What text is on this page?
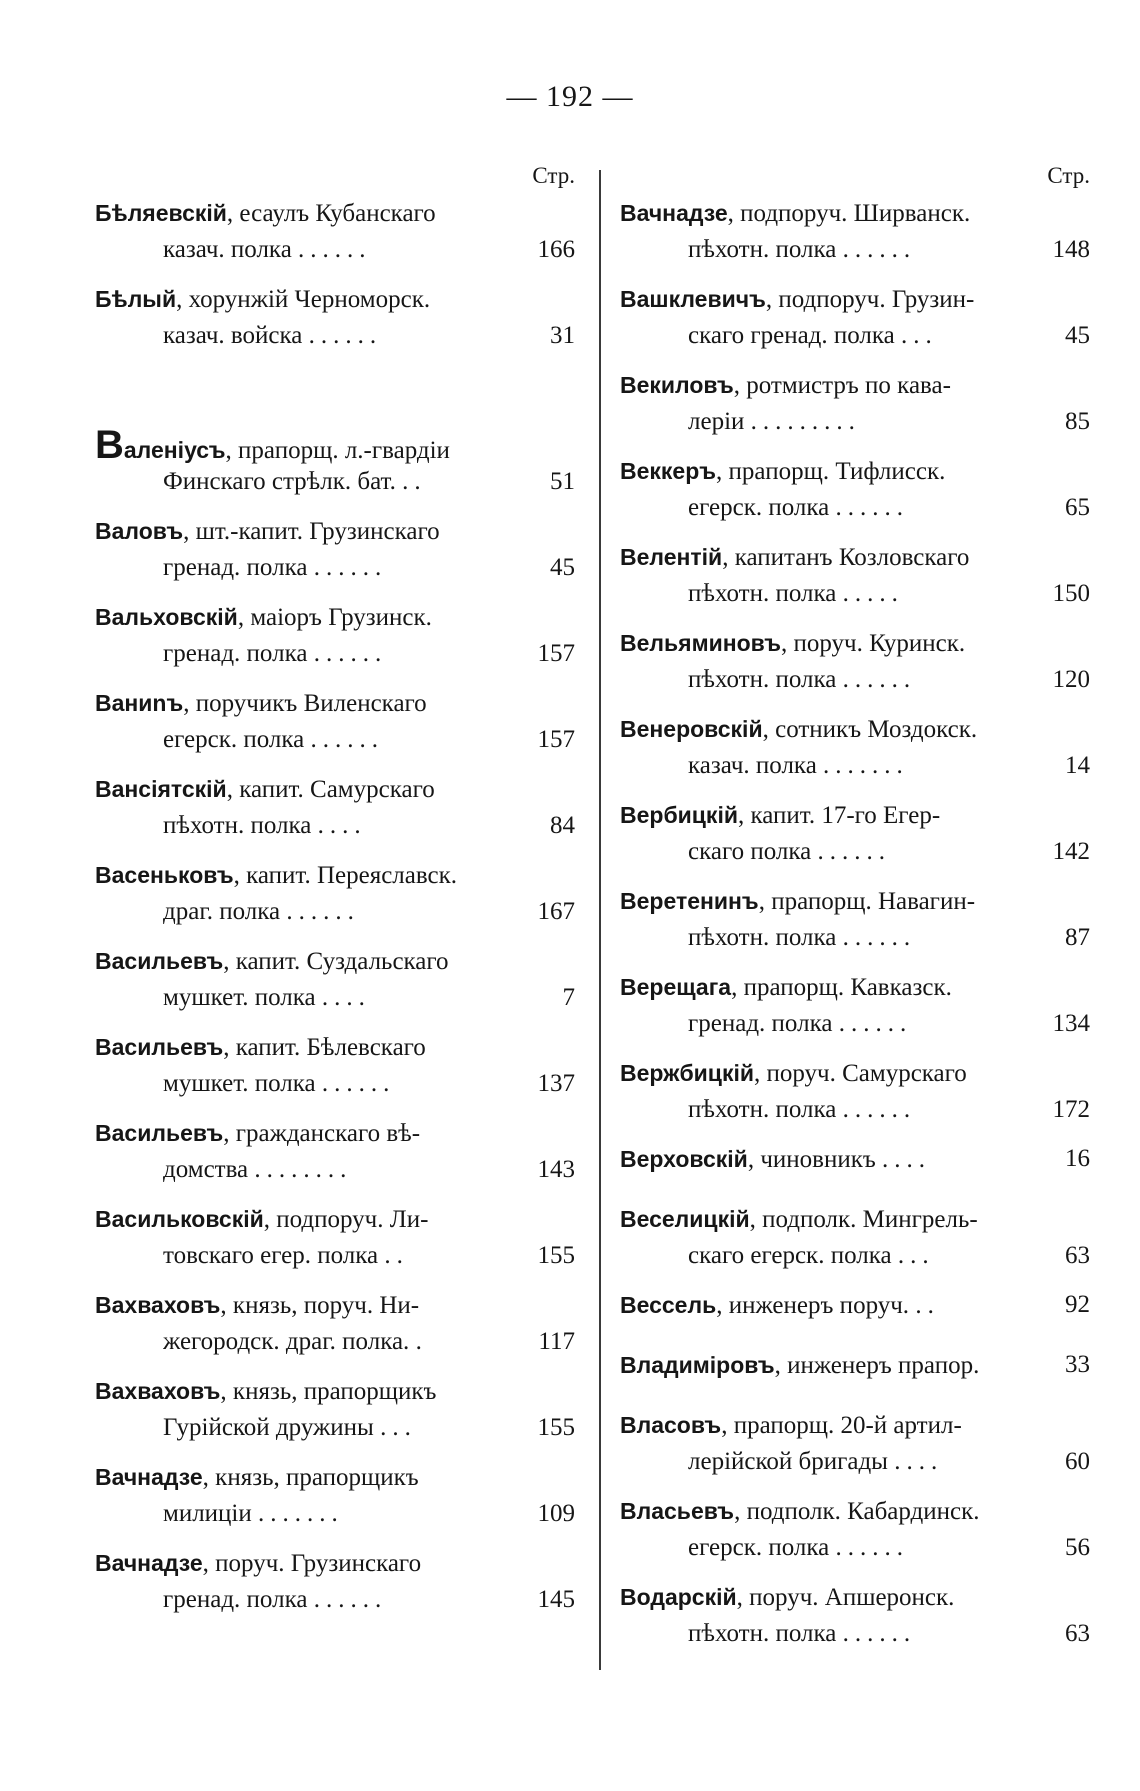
— 192 —
Стр.
Бѣляевскій, есаулъ Кубанскаго
казач. полка ......	166
Бѣлый, хорунжій Черноморск.
казач. войска ......	31
Валеніусъ, прапорщ. л.-гвардіи
Финскаго стрѣлк. бат. ..	51
Валовъ, шт.-капит. Грузинскаго
гренад. полка ......	45
Вальховскій, маіоръ Грузинск.
гренад. полка ......	157
Ваниnъ, поручикъ Виленскаго
егерск. полка ......	157
Вансіятскій, капит. Самурскаго
пѣхотн. полка ....	84
Васеньковъ, капит. Переяславск.
драг. полка ......	167
Васильевъ, капит. Суздальскаго
мушкет. полка ....	7
Васильевъ, капит. Бѣлевскаго
мушкет. полка ......	137
Васильевъ, гражданскаго вѣ-
домства ........	143
Васильковскій, подпоруч. Ли-
товскаго егер. полка ..	155
Вахваховъ, князь, поруч. Ни-
жегородск. драг. полка. .	117
Вахваховъ, князь, прапорщикъ
Гурійской дружины ...	155
Вачнадзе, князь, прапорщикъ
милиціи .......	109
Вачнадзе, поруч. Грузинскаго
гренад. полка ......	145
Стр.
Вачнадзе, подпоруч. Ширванск.
пѣхотн. полка ......	148
Вашклевичъ, подпоруч. Грузин-
скаго гренад. полка ...	45
Векиловъ, ротмистръ по кава-
леріи .........	85
Веккеръ, прапорщ. Тифлисск.
егерск. полка ......	65
Велентій, капитанъ Козловскаго
пѣхотн. полка .....	150
Вельяминовъ, поруч. Куринск.
пѣхотн. полка ......	120
Венеровскій, сотникъ Моздокск.
казач. полка .......	14
Вербицкій, капит. 17-го Егер-
скаго полка ......	142
Веретенинъ, прапорщ. Навагин-
пѣхотн. полка ......	87
Верещага, прапорщ. Кавказск.
гренад. полка ......	134
Вержбицкій, поруч. Самурскаго
пѣхотн. полка ......	172
Верховскій, чиновникъ ....	16
Веселицкій, подполк. Мингрель-
скаго егерск. полка ...	63
Вессель, инженеръ поруч. ..	92
Владиміровъ, инженеръ прапор.	33
Власовъ, прапорщ. 20-й артил-
лерійской бригады ....	60
Власьевъ, подполк. Кабардинск.
егерск. полка ......	56
Водарскій, поруч. Апшеронск.
пѣхотн. полка ......	63
